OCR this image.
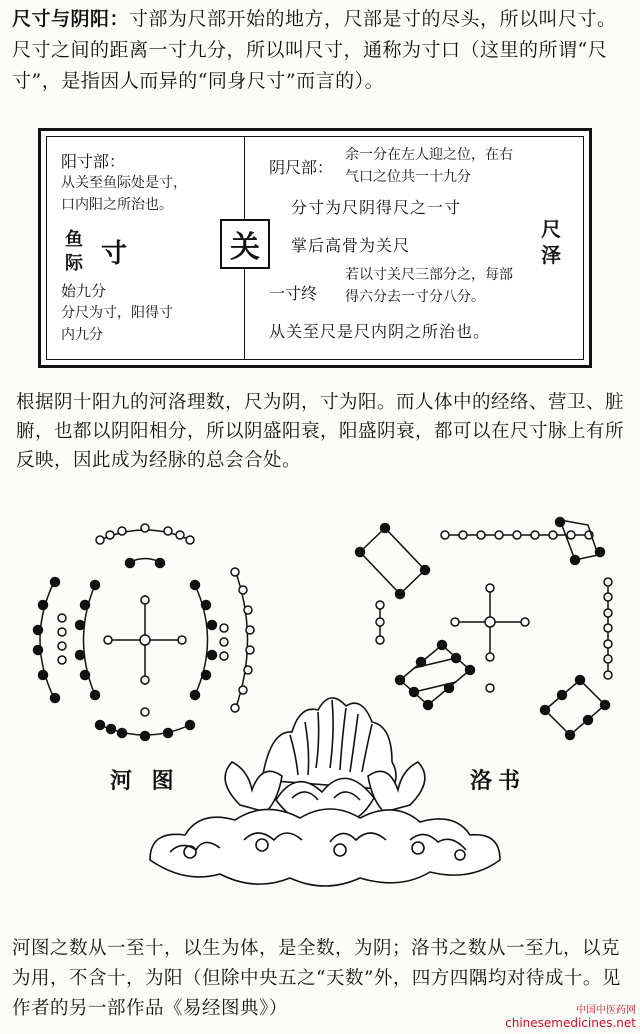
尺寸与阴阳：寸部为尺部开始的地方，尺部是寸的尽头，所以叫尺寸。尺寸之间的距离一寸九分，所以叫尺寸，通称为寸口（这里的所谓“尺寸”，是指因人而异的“同身尺寸”而言的）。
阳寸部：
从关至鱼际处是寸，
口内阳之所治也。
鱼
际 寸
始九分
分尺为寸，阳得寸
内九分
关
阴尺部：
余一分在左人迎之位，在右
气口之位共一十九分
分寸为尺阴得尺之一寸
掌后高骨为关尺
尺
泽
一寸终
若以寸关尺三部分之，每部
得六分去一寸分八分。
从关至尺是尺内阴之所治也。
根据阴十阳九的河洛理数，尺为阴，寸为阳。而人体中的经络、营卫、脏腑，也都以阴阳相分，所以阴盛阳衰，阳盛阴衰，都可以在尺寸脉上有所反映，因此成为经脉的总会合处。
河 图	洛书
河图之数从一至十，以生为体，是全数，为阴；洛书之数从一至九，以克为用，不含十，为阳（但除中央五之“天数”外，四方四隅均对待成十。见作者的另一部作品《易经图典》）	中国中医药网
chinesemedicines.net
